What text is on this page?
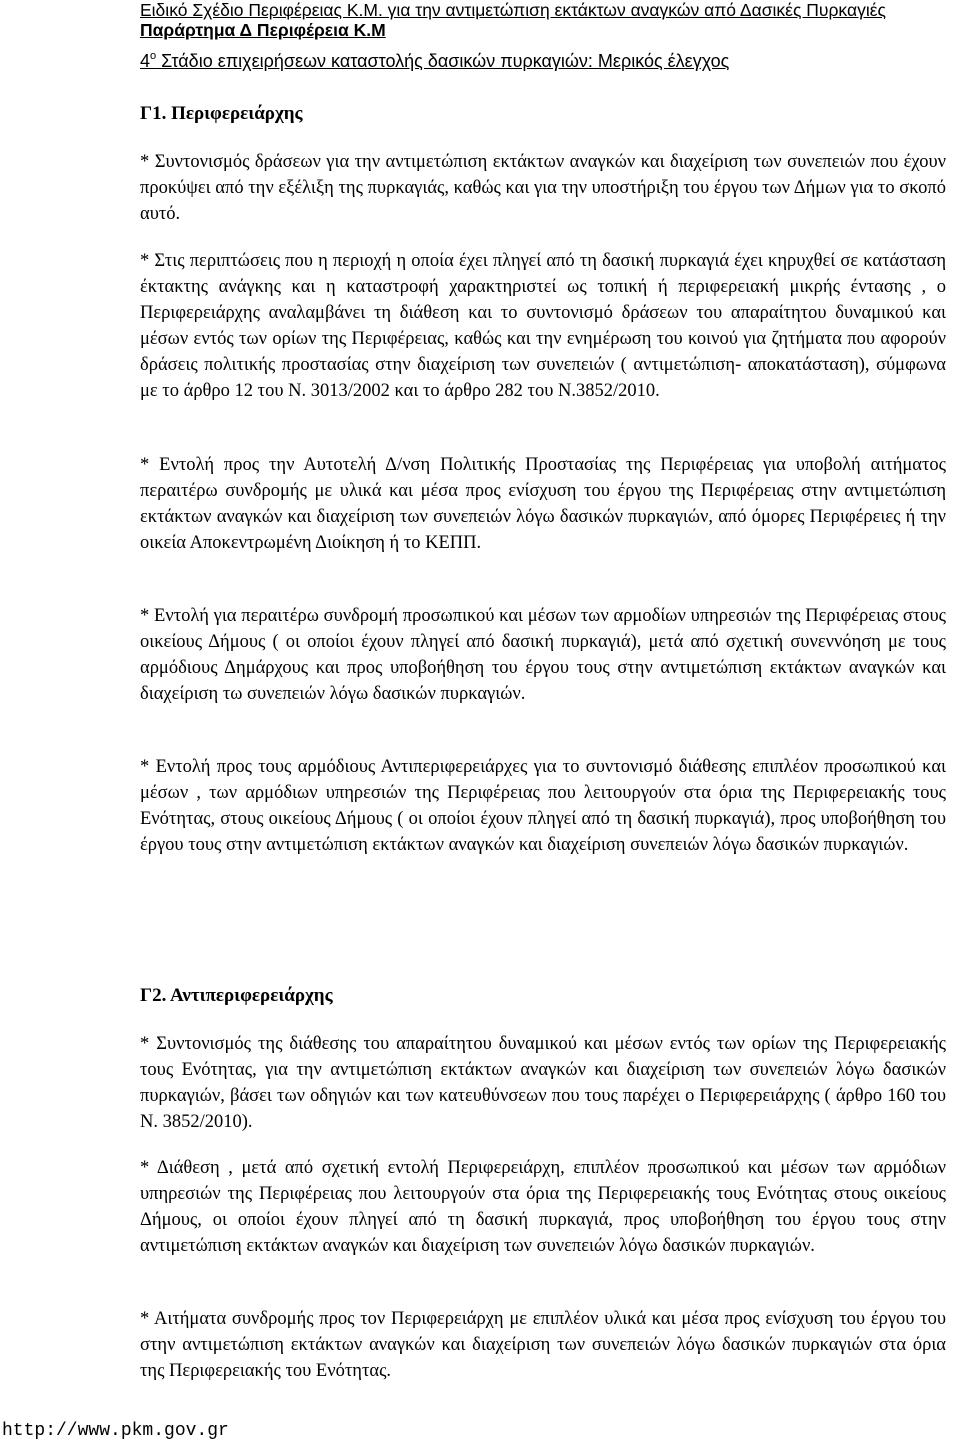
Ειδικό Σχέδιο Περιφέρειας Κ.Μ. για την αντιμετώπιση εκτάκτων αναγκών από Δασικές Πυρκαγιές
Παράρτημα Δ Περιφέρεια Κ.Μ
$4^o$ Στάδιο επιχειρήσεων καταστολής δασικών πυρκαγιών: Μερικός έλεγχος
Γ1. Περιφερειάρχης

* Συντονισμός δράσεων για την αντιμετώπιση εκτάκτων αναγκών και διαχείριση των συνεπειών που έχουν προκύψει από την εξέλιξη της πυρκαγιάς, καθώς και για την υποστήριξη του έργου των Δήμων για το σκοπό αυτό.

* Στις περιπτώσεις που η περιοχή η οποία έχει πληγεί από τη δασική πυρκαγιά έχει κηρυχθεί σε κατάσταση έκτακτης ανάγκης και η καταστροφή χαρακτηριστεί ως τοπική ή περιφερειακή μικρής έντασης , ο Περιφερειάρχης αναλαμβάνει τη διάθεση και το συντονισμό δράσεων του απαραίτητου δυναμικού και μέσων εντός των ορίων της Περιφέρειας, καθώς και την ενημέρωση του κοινού για ζητήματα που αφορούν δράσεις πολιτικής προστασίας στην διαχείριση των συνεπειών ( αντιμετώπιση- αποκατάσταση), σύμφωνα με το άρθρο 12 του Ν. 3013/2002 και το άρθρο 282 του Ν.3852/2010.

* Εντολή προς την Αυτοτελή Δ/νση Πολιτικής Προστασίας της Περιφέρειας για υποβολή αιτήματος περαιτέρω συνδρομής με υλικά και μέσα προς ενίσχυση του έργου της Περιφέρειας στην αντιμετώπιση εκτάκτων αναγκών και διαχείριση των συνεπειών λόγω δασικών πυρκαγιών, από όμορες Περιφέρειες ή την οικεία Αποκεντρωμένη Διοίκηση ή το ΚΕΠΠ.

* Εντολή για περαιτέρω συνδρομή προσωπικού και μέσων των αρμοδίων υπηρεσιών της Περιφέρειας στους οικείους Δήμους ( οι οποίοι έχουν πληγεί από δασική πυρκαγιά), μετά από σχετική συνεννόηση με τους αρμόδιους Δημάρχους και προς υποβοήθηση του έργου τους στην αντιμετώπιση εκτάκτων αναγκών και διαχείριση τω συνεπειών λόγω δασικών πυρκαγιών.

* Εντολή προς τους αρμόδιους Αντιπεριφερειάρχες για το συντονισμό διάθεσης επιπλέον προσωπικού και μέσων , των αρμόδιων υπηρεσιών της Περιφέρειας που λειτουργούν στα όρια της Περιφερειακής τους Ενότητας, στους οικείους Δήμους ( οι οποίοι έχουν πληγεί από τη δασική πυρκαγιά), προς υποβοήθηση του έργου τους στην αντιμετώπιση εκτάκτων αναγκών και διαχείριση συνεπειών λόγω δασικών πυρκαγιών.

Γ2. Αντιπεριφερειάρχης

* Συντονισμός της διάθεσης του απαραίτητου δυναμικού και μέσων εντός των ορίων της Περιφερειακής τους Ενότητας, για την αντιμετώπιση εκτάκτων αναγκών και διαχείριση των συνεπειών λόγω δασικών πυρκαγιών, βάσει των οδηγιών και των κατευθύνσεων που τους παρέχει ο Περιφερειάρχης ( άρθρο 160 του Ν. 3852/2010).

* Διάθεση , μετά από σχετική εντολή Περιφερειάρχη, επιπλέον προσωπικού και μέσων των αρμόδιων υπηρεσιών της Περιφέρειας που λειτουργούν στα όρια της Περιφερειακής τους Ενότητας στους οικείους Δήμους, οι οποίοι έχουν πληγεί από τη δασική πυρκαγιά, προς υποβοήθηση του έργου τους στην αντιμετώπιση εκτάκτων αναγκών και διαχείριση των συνεπειών λόγω δασικών πυρκαγιών.

* Αιτήματα συνδρομής προς τον Περιφερειάρχη με επιπλέον υλικά και μέσα προς ενίσχυση του έργου του στην αντιμετώπιση εκτάκτων αναγκών και διαχείριση των συνεπειών λόγω δασικών πυρκαγιών στα όρια της Περιφερειακής του Ενότητας.

http://www.pkm.gov.gr
